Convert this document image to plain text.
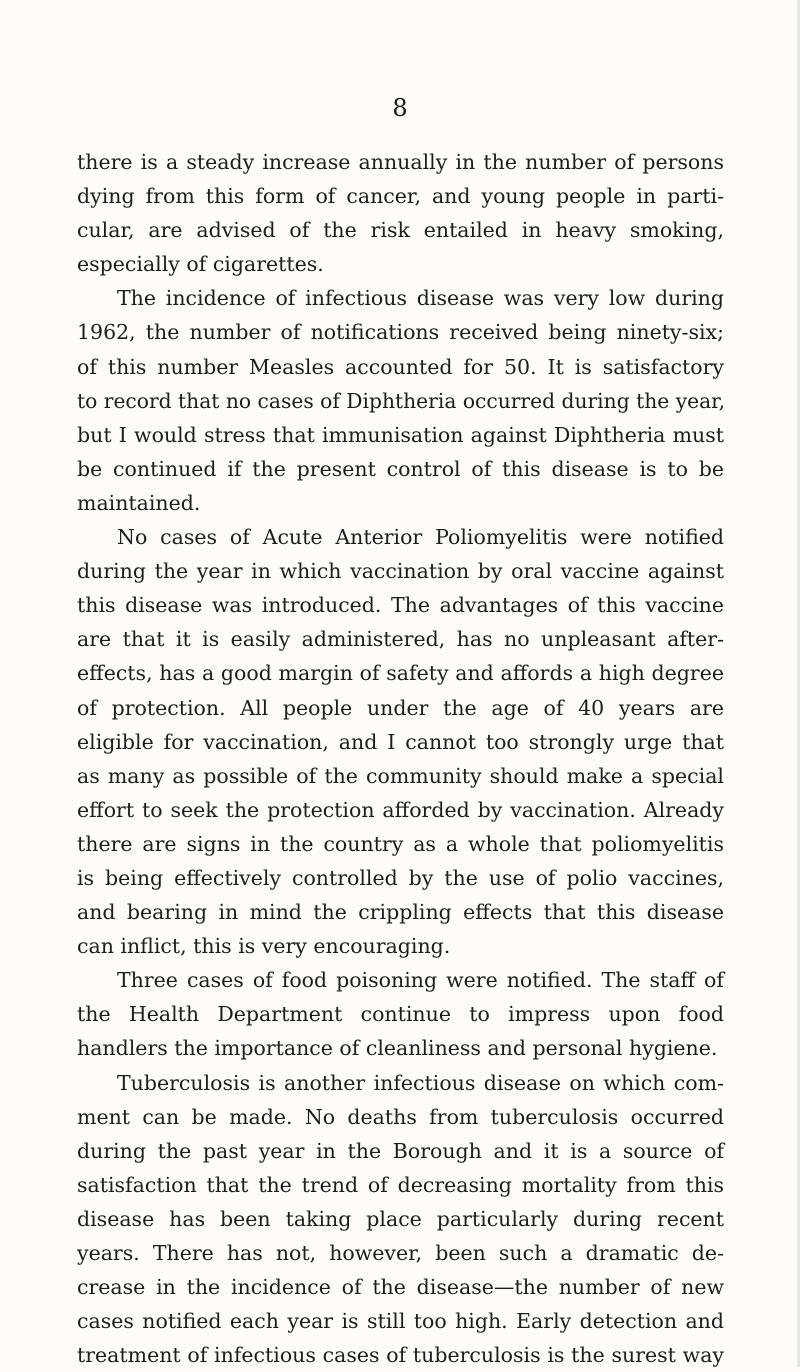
8
there is a steady increase annually in the number of persons
dying from this form of cancer, and young people in parti-
cular, are advised of the risk entailed in heavy smoking,
especially of cigarettes.
The incidence of infectious disease was very low during
1962, the number of notifications received being ninety-six;
of this number Measles accounted for 50. It is satisfactory
to record that no cases of Diphtheria occurred during the year,
but I would stress that immunisation against Diphtheria must
be continued if the present control of this disease is to be
maintained.
No cases of Acute Anterior Poliomyelitis were notified
during the year in which vaccination by oral vaccine against
this disease was introduced. The advantages of this vaccine
are that it is easily administered, has no unpleasant after-
effects, has a good margin of safety and affords a high degree
of protection. All people under the age of 40 years are
eligible for vaccination, and I cannot too strongly urge that
as many as possible of the community should make a special
effort to seek the protection afforded by vaccination. Already
there are signs in the country as a whole that poliomyelitis
is being effectively controlled by the use of polio vaccines,
and bearing in mind the crippling effects that this disease
can inflict, this is very encouraging.
Three cases of food poisoning were notified. The staff of
the Health Department continue to impress upon food
handlers the importance of cleanliness and personal hygiene.
Tuberculosis is another infectious disease on which com-
ment can be made. No deaths from tuberculosis occurred
during the past year in the Borough and it is a source of
satisfaction that the trend of decreasing mortality from this
disease has been taking place particularly during recent
years. There has not, however, been such a dramatic de-
crease in the incidence of the disease—the number of new
cases notified each year is still too high. Early detection and
treatment of infectious cases of tuberculosis is the surest way
